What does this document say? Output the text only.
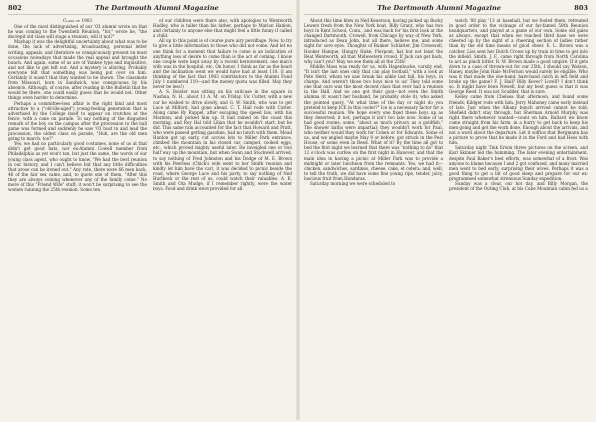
802	The Dartmouth Alumni Magazine

Class of 1903

One of the most distinguished of our '03 alumni wrote on that he was coming to the Twentieth Reunion, "for," wrote he, "the decrepit old class will stage a reunion, will it not?"

Mayhap it was the delightful uncertainty about what was to be done, the lack of advertising, broadcasting, personal letter writing, appeals, and literature so conspicuously present on most occasions nowadays that made the real appeal and brought the bunch. And again, some of us are of Yankee type and inquisitive, and not like to get left out. And a mystery is alluring. Probably everyone felt that something was being put over on him. Certainly it wasn't that they wanted to be shown. The classmate from Missouri, born in Sandwich, was conspicuous by his absence. Although, of course, after reading in the Bulletin that he would be there, one could easily guess that he would not. Other things were harder to determine.

Perhaps a committee-less affair is the right kind and most attractive to a ("old-ille-aged") young-feeling generation that is advertised by the College itself to appear on crutches at the fence, with a cane on parade. To say nothing of the disgusted remark of the boy on the campus after the procession to the ball game was formed and suddenly he saw '03 bust in and lead the procession, the oldest class on parade, "Huh, are the old men going to march, too?"

Yes, we had no particularly good costumes, none of us at that didn't get good hats, nor ex-Alumni Cowell member from Philadelphia as yet won't tan, but just the same, the words of our young class agent, who ought to know, "We had the best reunion in our history, and I can't believe but that any little difficulties that arose can be ironed out." Any rate, there were 66 men back, 46 of the fair sex came, and, to quote one of them, "After this they are always coming whenever any of the family come." No more of this "Friend Wife" stuff; it won't be surprising to see the women running the 25th reunion. Some ten

of our children were there also, with apologies to Wentworth Hadley, who is taller than his father, perhaps to Marion Hanlon, and certainly to anyone else that might feel a little funny if called a child.

All up to this point is of course pure airy persiflage. Now, to try to give a little information to those who did not come. And let no one think for a moment that failure to come is an indication of anything less of desire to come than is the act of coming. I know one couple were kept away by a recent bereavement, one man's wife was in the hospital, etc. On honor, I think as far as the heart and the inclination went we would have had at least 110. (I am thinking of the fact that 1903 contributors to the Alumni Fund July 1 numbered 110—and the money quota was filled. May they never be less!)

A. S. Bolster was sitting on his suitcase in the square in Nashua, N. H., about 11 A. M. on Friday. Vic Cutter, with a new car he wished to drive slowly, and G. W. Smith, who was to get Luce at Milford, had gone ahead. C. T. Hall rode with Cutter. Along came Ry Ruppel, after escaping the speed law, with his Marmon, and picked him up. It had rained on the coast this morning, and Roy Hal told Lilian that he wouldn't start, but he did. This same rain accounted for the fact that Howard and Pratt, who were passed getting gasoline, had no lunch with them. Mead Hanlon got up early, cut across lots to Miller Park entrance, climbed the mountain in his closed car, camped, cooked eggs, etc., which proved mighty useful later. He inveigled one or two half way up the mountain, but when Swan and Stockwell arrived, to say nothing of Fred Johnston and his Dodge of M. E. Brown with his Peerless (Chick's wife went to her Smith reunion and kindly let him have the car), it was decided to picnic beside the road, where George Luce and his party, to say nothing of Ned Hurlbeck or the rest of us, could watch their valuables. A. K. Smith and Ota Mudge, if I remember rightly, were the water boys. Food and drink were provided for all.

The Dartmouth Alumni Magazine	803

About this time blew in Ned Keuerson, having picked up Bucky Lewers fresh from the New York boat, Billy Grant, who has two boys in Kent School, Conn., and was back for his first look at the changed Dartmouth, Crowell, from Chicago by way of New York, introduced as Dean John, but all there, believe me, and some sight for sore eyes. Thoughts of Bunker Schlatter, Jim Cresswell, Hooker Hanque, Hungry Huke, Pierpont, hat but not least the Beat Wentworth, all that Midwestern crowd. If Jack can get back, why can't you? May we see them all at the 25th!

Middle Mass was ready for us, with Hagenbucke, varsity end. "It isn't the last ones only that can play football," with a look at Pete Herd, whom we saw break his ankle last fall, his boys, in charge. And weren't those two boys nice to us! They told some one that ours was the most decent class that ever had a reunion in the Hall. And no one got their goat—not even the Smith alumna (it wasn't her husband, he probably stole it), who asked the pointed query, "At what time of the day or night do you pretend to keep ICE in this cooler?" Ice is a necessary factor for a successful reunion. We hope every one fixed these boys up as they deserved; it not, perhaps it isn't too late now. Some of us had good rooms; some, "about as much privacy as a goldfish." The shower baths were impartial; they wouldn't work for Paul, who neither would they work for Cohen or for Edwards. Some of us, and we angled maybe May 8 or before, got struck in the Pest House, or some even in Reed. What of it? By the time all got to bed the first night we learned that there was "nothing to do" that 12 o'clock was curfew on the first night in Hanover, and that the main idea in having a picnic at Miller Park was to provide a midnight or later luncheon from the remnants. Yes, we had it—chicken, sandwiches, sardines, cheese, cake, et cetera; and, well, to tell the truth, we did have some fine young ripe, tender, juicy, luscious fruit from Honduras.

Saturday morning we were scheduled to

watch '08 play '13 at baseball, but we fooled them, retreated in good order to the vicinage of our far-famed 59th Reunion headquarters, and played at a game of our own. Some old gales as always, except that when we reached third base we were cheered up by the sight of a cheering section of ladies rather than by the old time means of good cheer. E. L. Brown was a catcher. Liss sent her Dutch Crowe up by train in time to get into the infield. Smith, J. F., came right through from North Carolina to act as pinch hitter. R. W. Brown made a good umpire. If it gets down to a case of thrown-out for our 25th, I should say Watson, Haney, maybe John Hale McFernon would surely be eligible. Who was it that made the one-hand, bare-hand catch in left field and broke up the game? F. J. Hall? Billy Kever? Lovell? I don't think so. It might have been Newell, but my best guess is that it was George Reed. It was not Scudder, that is sure.

Kelley came from Chelsea that afternoon, and found some friends; Kildger rode with him. Jerry Mahoney came early instead of late. Just when the Albany bunch arrived cannot be told; Shefield didn't stay through, but Sherman Arnold Murphy was right there whenever wanted—count on him. Bullard we know came straight from his farm, in a hurry to get back to keep his men going and get the work done. Enough about the arrivals, and not a word about the departure. Let it suffice that Bergmann has a picture to prove that he made it in the Ford and had Hess with him.

Saturday night Tink Erwin threw pictures on the screen, and Karl Skinner led the humming. The later evening entertainment, despite Paul Baker's best efforts, was somewhat of a frost. Was anyone to blame because I and 2 got confused, and many married men went to bed early, surprising their wives. Perhaps it was a good thing to get a bit of good sleep and prepare for our ex-programmed somewhat strenuous Sunday expedition.

Sunday was a clear, our hot day, and Billy Morgan, the president of the Outing Club, at his Cube Mountain cabin fed us a
